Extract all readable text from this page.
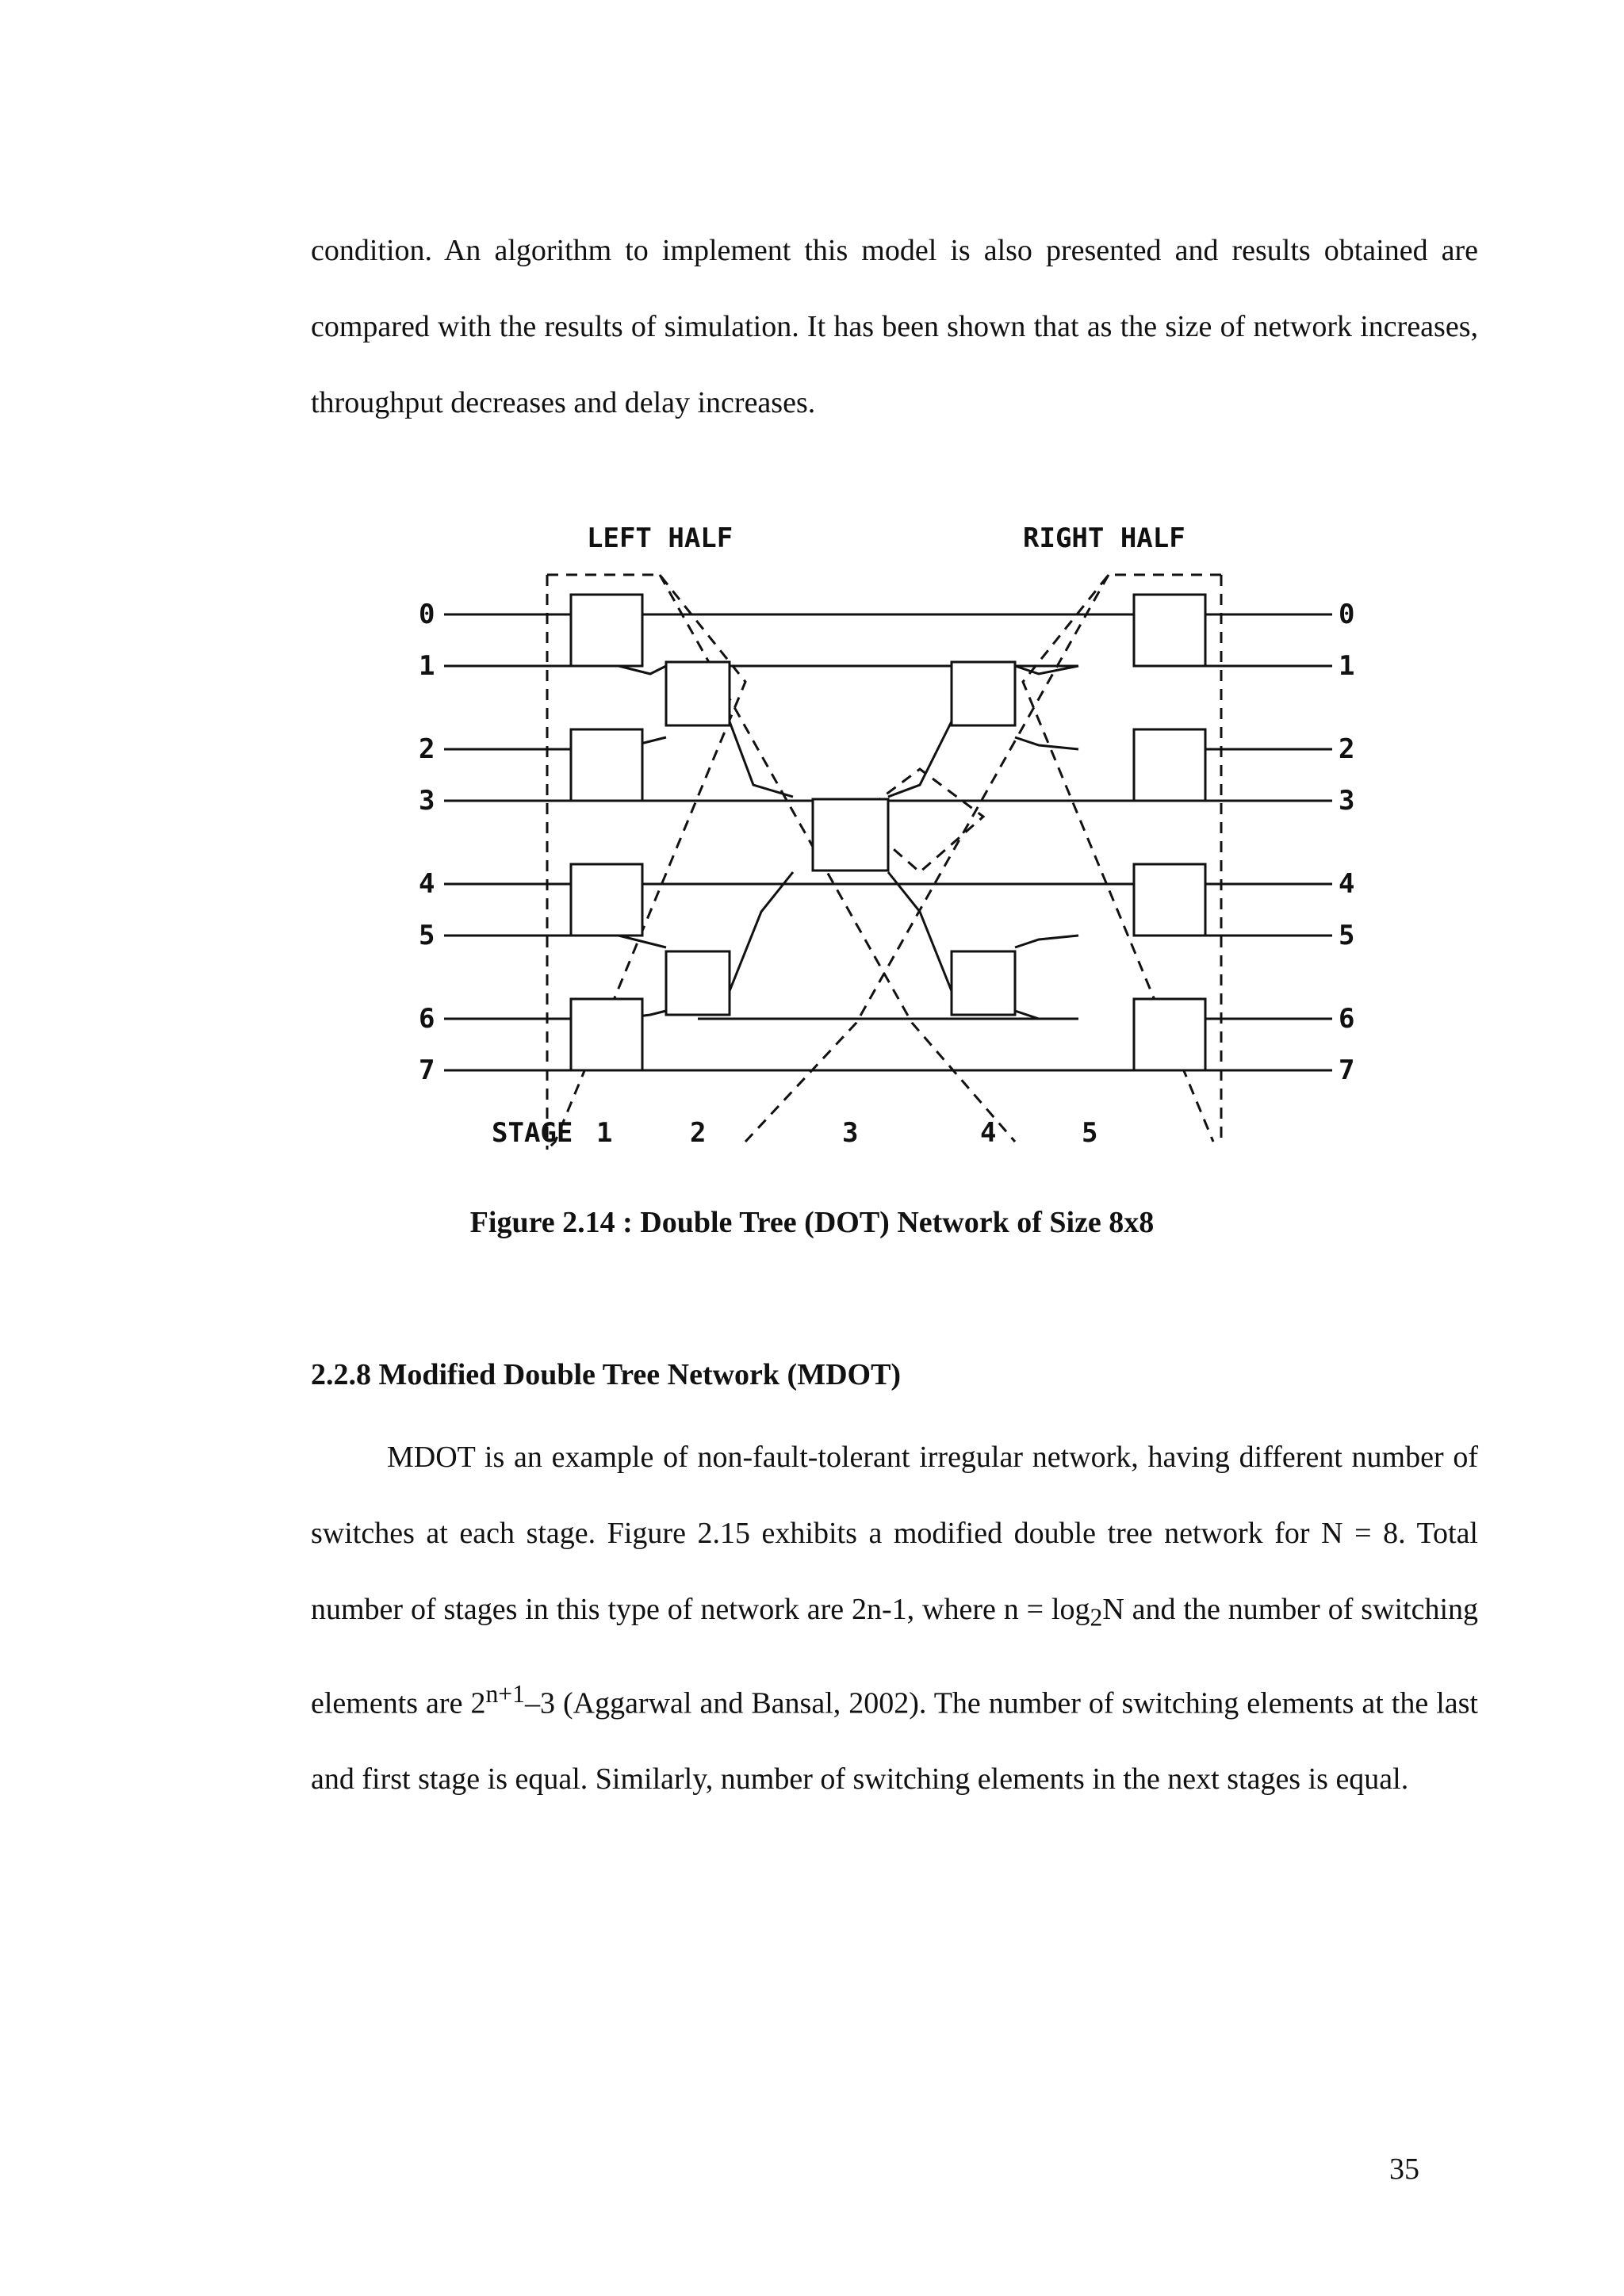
condition. An algorithm to implement this model is also presented and results obtained are compared with the results of simulation. It has been shown that as the size of network increases, throughput decreases and delay increases.

LEFT HALF	RIGHT HALF
0
1
2
3
4
5
6
7
0
1
2
3
4
5
6
7
STAGE 1	2	3	4	5
Figure 2.14 : Double Tree (DOT) Network of Size 8x8
2.2.8 Modified Double Tree Network (MDOT)

MDOT is an example of non-fault-tolerant irregular network, having different number of switches at each stage. Figure 2.15 exhibits a modified double tree network for N = 8. Total number of stages in this type of network are 2n-1, where $n = \log_2N$ and the number of switching elements are $2^{n+1}-3$ (Aggarwal and Bansal, 2002). The number of switching elements at the last and first stage is equal. Similarly, number of switching elements in the next stages is equal.

35
